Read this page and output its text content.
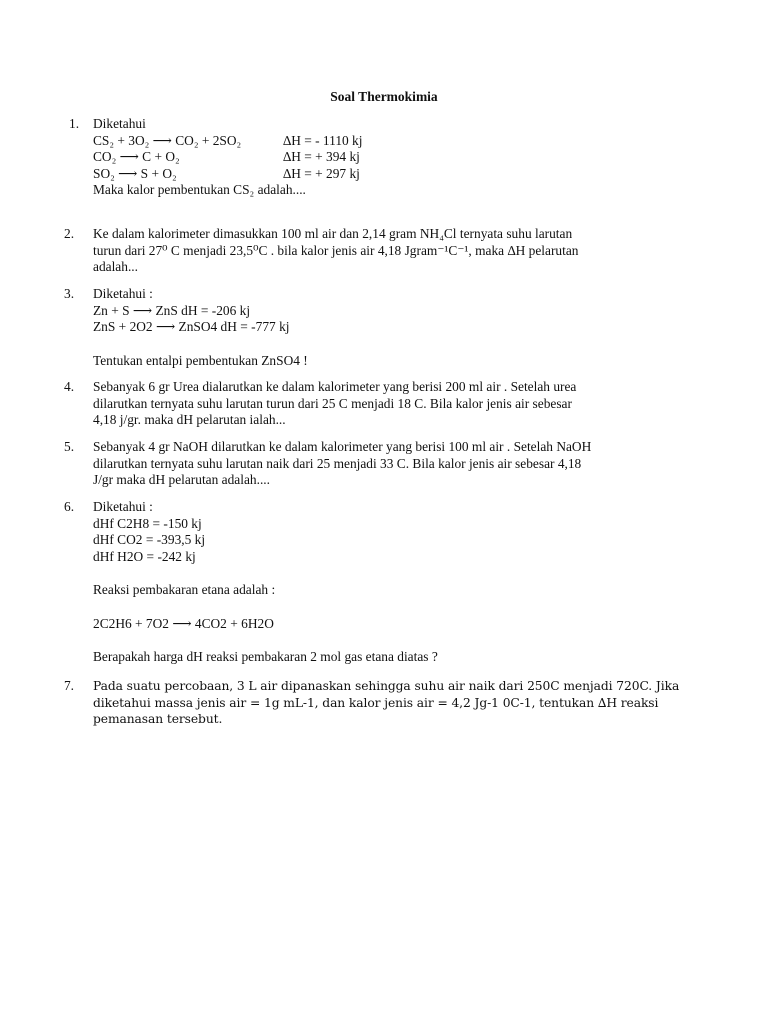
Soal Thermokimia
1. Diketahui
CS₂ + 3O₂ ⟶ CO₂ + 2SO₂	∆H = - 1110 kj
CO₂ ⟶ C + O₂	∆H = + 394 kj
SO₂ ⟶ S + O₂	∆H = + 297 kj
Maka kalor pembentukan CS₂ adalah....
2. Ke dalam kalorimeter dimasukkan 100 ml air dan 2,14 gram NH₄Cl ternyata suhu larutan
turun dari 27⁰ C menjadi 23,5⁰C . bila kalor jenis air 4,18 Jgram⁻¹C⁻¹, maka ∆H pelarutan
adalah...
3. Diketahui :
Zn + S ⟶ ZnS dH = -206 kj
ZnS + 2O2 ⟶ ZnSO4 dH = -777 kj
Tentukan entalpi pembentukan ZnSO4 !
4. Sebanyak 6 gr Urea dialarutkan ke dalam kalorimeter yang berisi 200 ml air . Setelah urea
dilarutkan ternyata suhu larutan turun dari 25 C menjadi 18 C. Bila kalor jenis air sebesar
4,18 j/gr. maka dH pelarutan ialah...
5. Sebanyak 4 gr NaOH dilarutkan ke dalam kalorimeter yang berisi 100 ml air . Setelah NaOH
dilarutkan ternyata suhu larutan naik dari 25 menjadi 33 C. Bila kalor jenis air sebesar 4,18
J/gr maka dH pelarutan adalah....
6. Diketahui :
dHf C2H8 = -150 kj
dHf CO2 = -393,5 kj
dHf H2O = -242 kj
Reaksi pembakaran etana adalah :
2C2H6 + 7O2 ⟶ 4CO2 + 6H2O
Berapakah harga dH reaksi pembakaran 2 mol gas etana diatas ?
7. Pada suatu percobaan, 3 L air dipanaskan sehingga suhu air naik dari 250C menjadi 720C. Jika
diketahui massa jenis air = 1g mL-1, dan kalor jenis air = 4,2 Jg-1 0C-1, tentukan ∆H reaksi
pemanasan tersebut.
